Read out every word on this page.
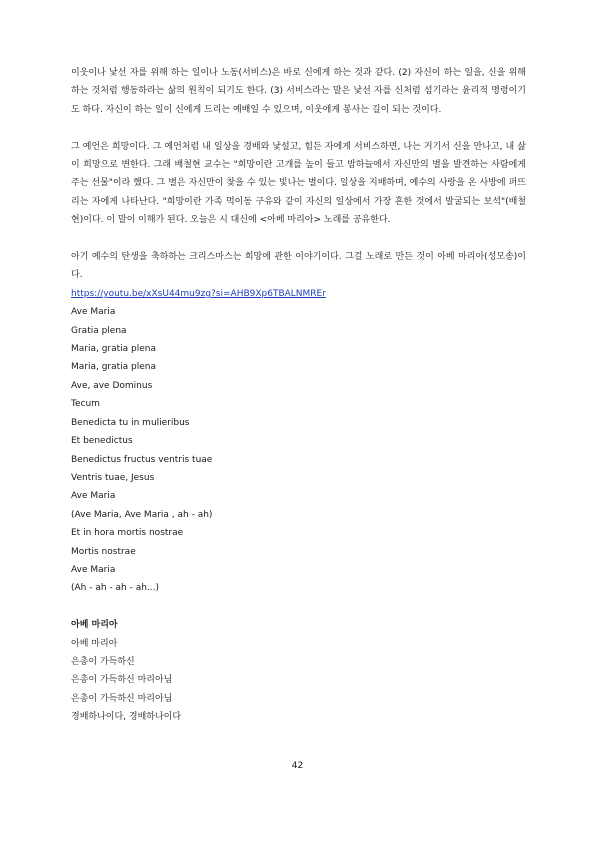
이웃이나 낯선 자를 위해 하는 일이나 노동(서비스)은 바로 신에게 하는 것과 같다. (2) 자신이 하는 일을, 신을 위해 하는 것처럼 행동하라는 삶의 원칙이 되기도 한다. (3) 서비스라는 말은 낯선 자를 신처럼 섬기라는 윤리적 명령이기도 하다. 자신이 하는 일이 신에게 드리는 예배일 수 있으며, 이웃에게 봉사는 길이 되는 것이다.

그 예언은 희망이다. 그 예언처럼 내 일상을 경배와 낯설고, 힘든 자에게 서비스하면, 나는 거기서 신을 만나고, 내 삶이 희망으로 변한다. 그래 배철현 교수는 "희망이란 고개를 높이 들고 밤하늘에서 자신만의 별을 발견하는 사람에게 주는 선물"이라 했다. 그 별은 자신만이 찾을 수 있는 빛나는 별이다. 일상을 지배하며, 예수의 사랑을 온 사방에 퍼뜨리는 자에게 나타난다. "희망이란 가족 먹이동 구유와 같이 자신의 일상에서 가장 흔한 것에서 발굴되는 보석"(배철현)이다. 이 말이 이해가 된다. 오늘은 시 대신에 <아베 마리아> 노래를 공유한다.

아기 예수의 탄생을 축하하는 크리스마스는 희망에 관한 이야기이다. 그걸 노래로 만든 것이 아베 마리아(성모송)이다.

https://youtu.be/xXsU44mu9zg?si=AHB9Xp6TBALNMREr

Ave Maria

Gratia plena

Maria, gratia plena

Maria, gratia plena

Ave, ave Dominus

Tecum

Benedicta tu in mulieribus

Et benedictus

Benedictus fructus ventris tuae

Ventris tuae, Jesus

Ave Maria

(Ave Maria, Ave Maria , ah - ah)

Et in hora mortis nostrae

Mortis nostrae

Ave Maria

(Ah - ah - ah - ah...)

아베 마리아

아베 마리아

은총이 가득하신

은총이 가득하신 마리아님

은총이 가득하신 마리아님

경배하나이다, 경배하나이다

42
